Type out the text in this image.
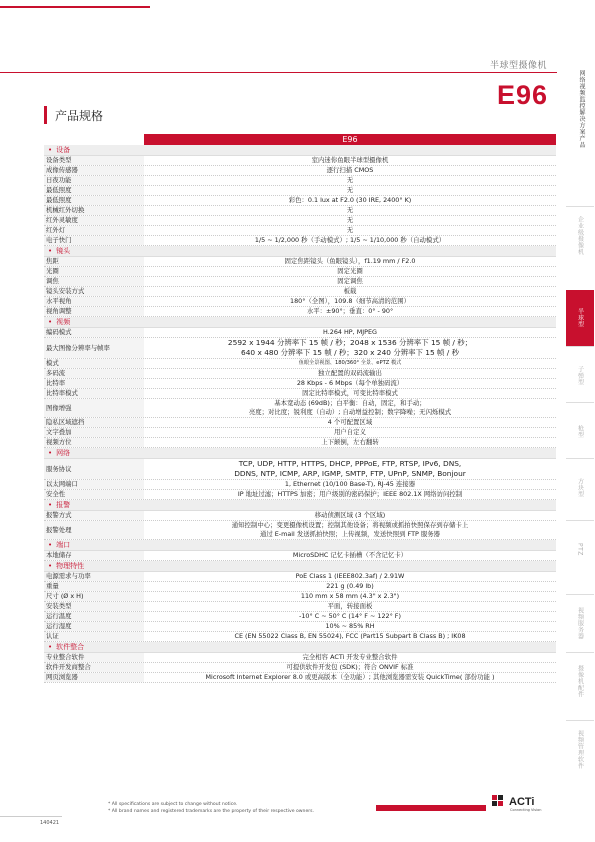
半球型摄像机
E96
产品规格	网络视频监控解决方案产品
企业级摄像机
半球型
子弹型
枪型
方块型
PTZ
视频服务器
摄像机配件
视频管理软件
E96
• 设备
设备类型	室内迷你鱼眼半球型摄像机
成像传感器	逐行扫描 CMOS
日夜功能	无
最低照度	无
最低照度	彩色：0.1 lux at F2.0 (30 IRE, 2400° K)
机械红外切换	无
红外灵敏度	无
红外灯	无
电子快门	1/5 ~ 1/2,000 秒（手动模式）; 1/5 ~ 1/10,000 秒（自动模式）
• 镜头
焦距	固定焦距镜头（鱼眼镜头），f1.19 mm / F2.0
光圈	固定光圈
调焦	固定调焦
镜头安装方式	板载
水平视角	180°（全图），109.8（细节高清的范围）
视角调整	水平：±90°；垂直：0° - 90°
• 视频
编码模式	H.264 HP, MJPEG
最大图像分辨率与帧率
2592 x 1944 分辨率下 15 帧 / 秒；2048 x 1536 分辨率下 15 帧 / 秒；
640 x 480 分辨率下 15 帧 / 秒；320 x 240 分辨率下 15 帧 / 秒
模式	鱼眼全景视图、180/360° 全景、ePTZ 模式
多码流	独立配置的双码流输出
比特率	28 Kbps - 6 Mbps（每个单独码流）
比特率模式	固定比特率模式，可变比特率模式
图像增强
基本宽动态 (69dB)；白平衡：自动，固定，和手动；
亮度；对比度；锐利度（自动）; 自动增益控制；数字降噪；无闪烁模式
隐私区域遮挡	4 个可配置区域
文字叠加	用户自定义
视频方位	上下颠倒，左右翻转
• 网络
服务协议
TCP, UDP, HTTP, HTTPS, DHCP, PPPoE, FTP, RTSP, IPv6, DNS,
DDNS, NTP, ICMP, ARP, IGMP, SMTP, FTP, UPnP, SNMP, Bonjour
以太网端口	1, Ethernet (10/100 Base-T), RJ-45 连接器
安全性	IP 地址过滤；HTTPS 加密；用户级别的密码保护；IEEE 802.1X 网络访问控制
• 报警
报警方式	移动侦测区域 (3 个区域)
报警处理
通知控制中心；变更摄像机设置；控制其他设备；将视频或抓拍快照保存到存储卡上
通过 E-mail 发送抓拍快照；上传视频，发送快照到 FTP 服务器
• 端口
本地储存	MicroSDHC 记忆卡插槽（不含记忆卡）
• 物理特性
电源需求与功率	PoE Class 1 (IEEE802.3af) / 2.91W
重量	221 g (0.49 lb)
尺寸 (Ø x H)	110 mm x 58 mm (4.3" x 2.3")
安装类型	平面，转接面板
运行温度	-10° C ~ 50° C (14° F ~ 122° F)
运行湿度	10% ~ 85% RH
认证	CE (EN 55022 Class B, EN 55024), FCC (Part15 Subpart B Class B) ; IK08
• 软件整合
专业整合软件	完全相容 ACTi 开发专业整合软件
软件开发商整合	可提供软件开发包 (SDK)；符合 ONVIF 标准
网页浏览器	Microsoft Internet Explorer 8.0 或更高版本（全功能）; 其他浏览器需安装 QuickTime( 部份功能 )
* All specifications are subject to change without notice.
* All brand names and registered trademarks are the property of their respective owners.
ACTi
Connecting Vision
140421
